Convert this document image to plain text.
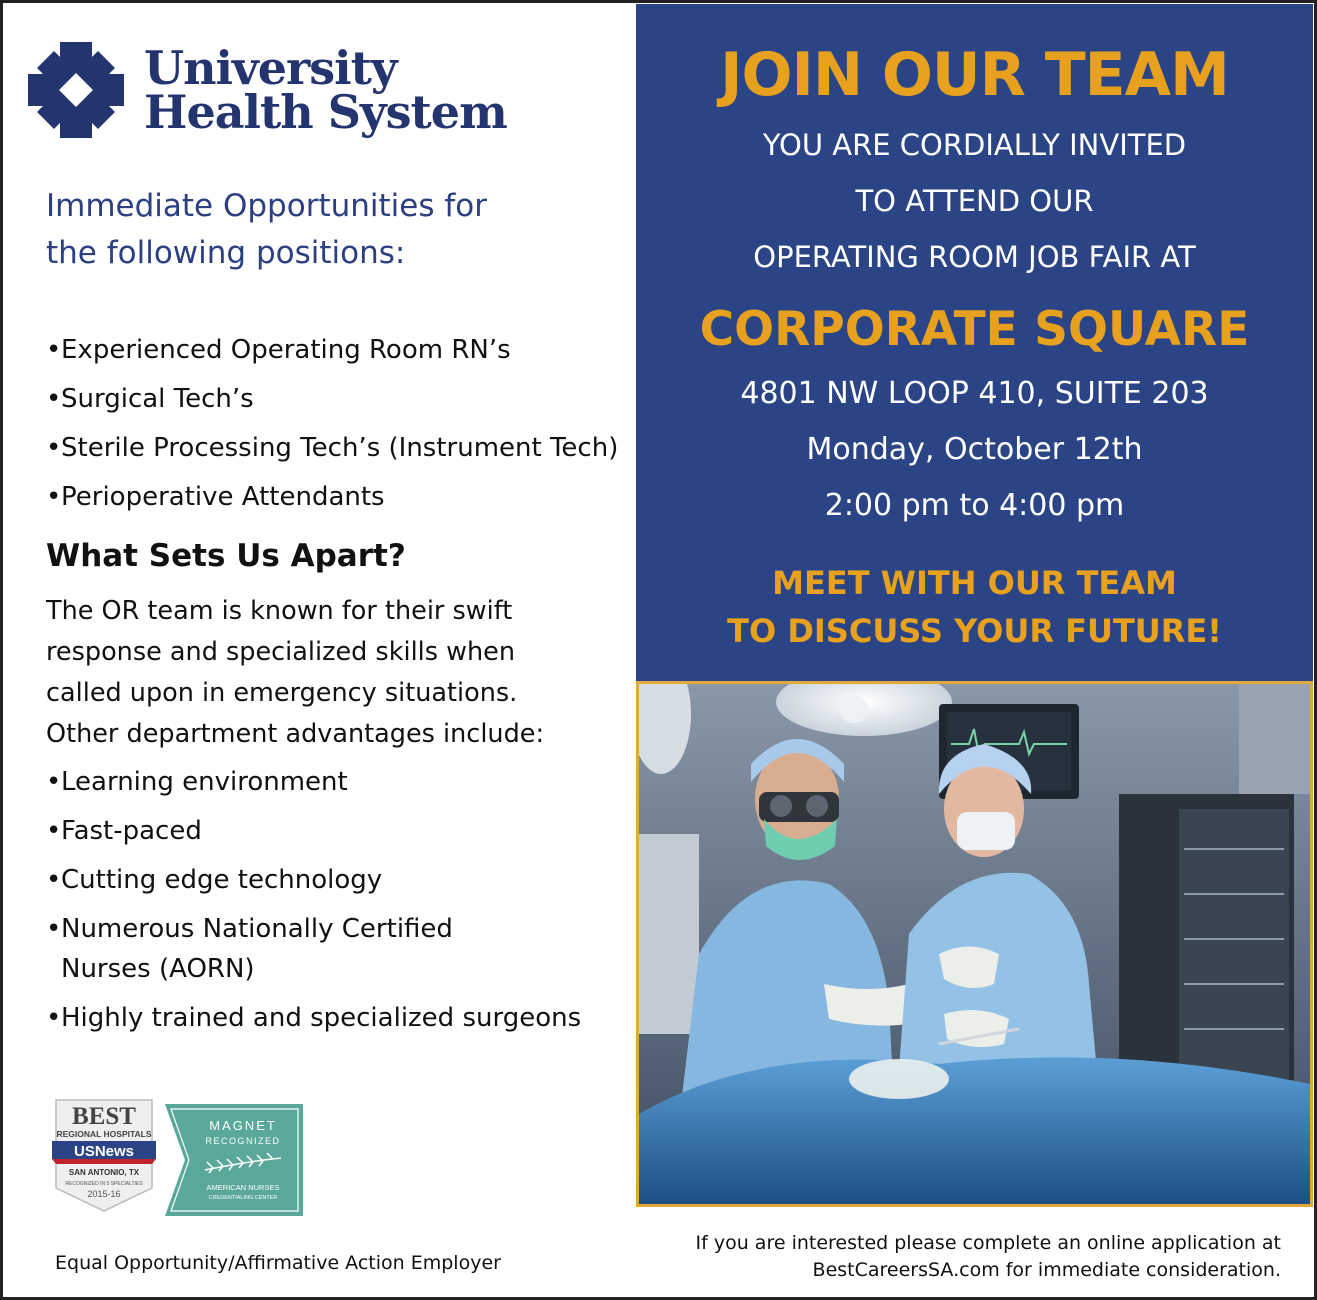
University
Health System
Immediate Opportunities for the following positions:
• Experienced Operating Room RN’s
• Surgical Tech’s
• Sterile Processing Tech’s (Instrument Tech)
• Perioperative Attendants
What Sets Us Apart?
The OR team is known for their swift response and specialized skills when called upon in emergency situations. Other department advantages include:
• Learning environment
• Fast-paced
• Cutting edge technology
• Numerous Nationally Certified Nurses (AORN)
• Highly trained and specialized surgeons
BEST
REGIONAL HOSPITALS
USNews
SAN ANTONIO, TX
RECOGNIZED IN 5 SPECIALTIES
2015-16
MAGNET
RECOGNIZED
AMERICAN NURSES
CREDENTIALING CENTER
Equal Opportunity/Affirmative Action Employer
JOIN OUR TEAM
YOU ARE CORDIALLY INVITED
TO ATTEND OUR
OPERATING ROOM JOB FAIR AT
CORPORATE SQUARE
4801 NW LOOP 410, SUITE 203
Monday, October 12th
2:00 pm to 4:00 pm
MEET WITH OUR TEAM
TO DISCUSS YOUR FUTURE!
If you are interested please complete an online application at
BestCareersSA.com for immediate consideration.
